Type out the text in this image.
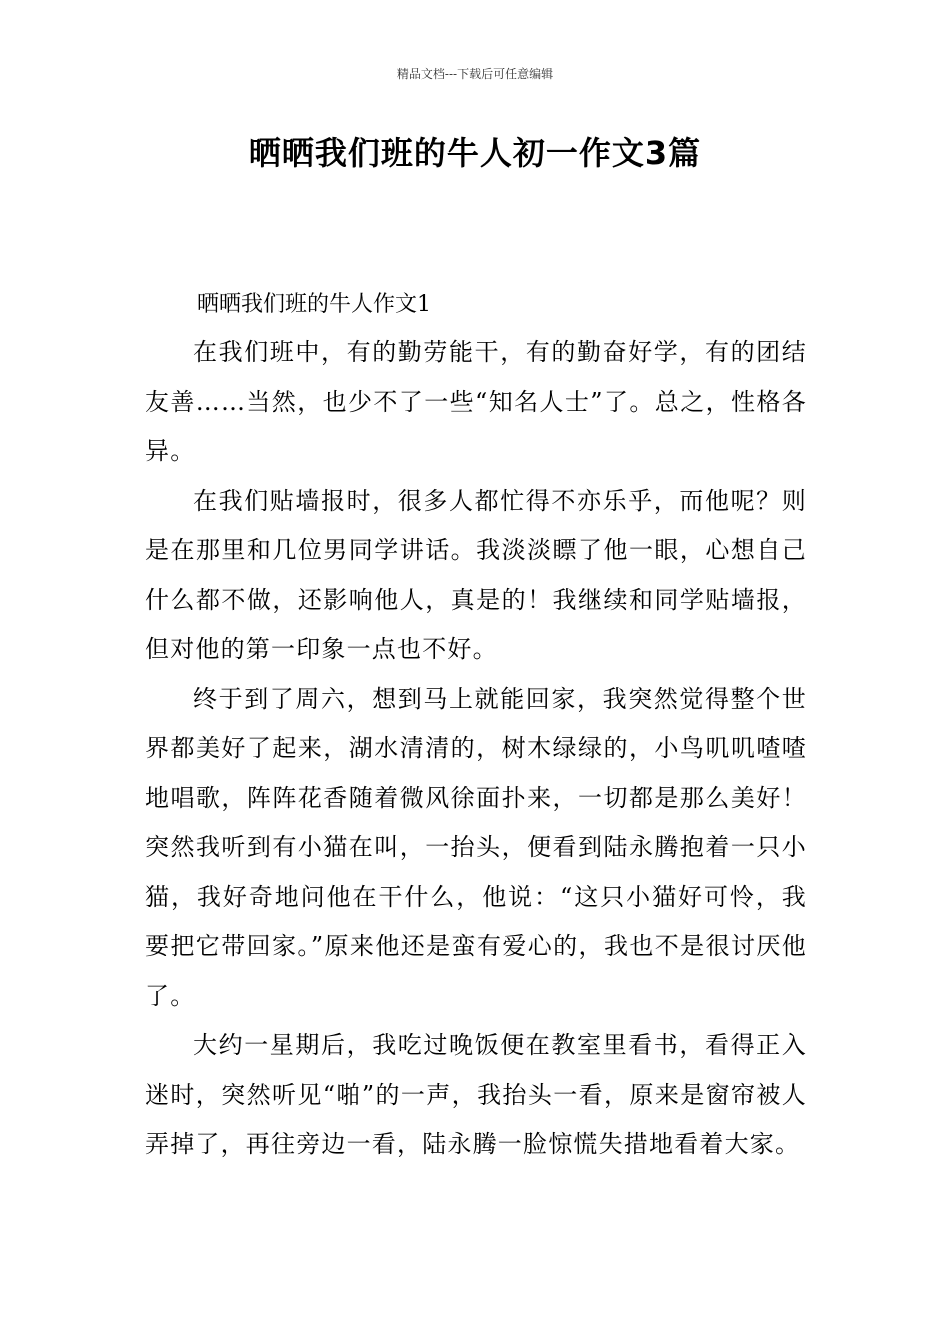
精品文档---下载后可任意编辑
晒晒我们班的牛人初一作文3篇

晒晒我们班的牛人作文1

在我们班中，有的勤劳能干，有的勤奋好学，有的团结友善……当然，也少不了一些“知名人士”了。总之，性格各异。

在我们贴墙报时，很多人都忙得不亦乐乎，而他呢？则是在那里和几位男同学讲话。我淡淡瞟了他一眼，心想自己什么都不做，还影响他人，真是的！我继续和同学贴墙报，但对他的第一印象一点也不好。

终于到了周六，想到马上就能回家，我突然觉得整个世界都美好了起来，湖水清清的，树木绿绿的，小鸟叽叽喳喳地唱歌，阵阵花香随着微风徐面扑来，一切都是那么美好！突然我听到有小猫在叫，一抬头，便看到陆永腾抱着一只小猫，我好奇地问他在干什么，他说：“这只小猫好可怜，我要把它带回家。”原来他还是蛮有爱心的，我也不是很讨厌他了。

大约一星期后，我吃过晚饭便在教室里看书，看得正入迷时，突然听见“啪”的一声，我抬头一看，原来是窗帘被人弄掉了，再往旁边一看，陆永腾一脸惊慌失措地看着大家。
